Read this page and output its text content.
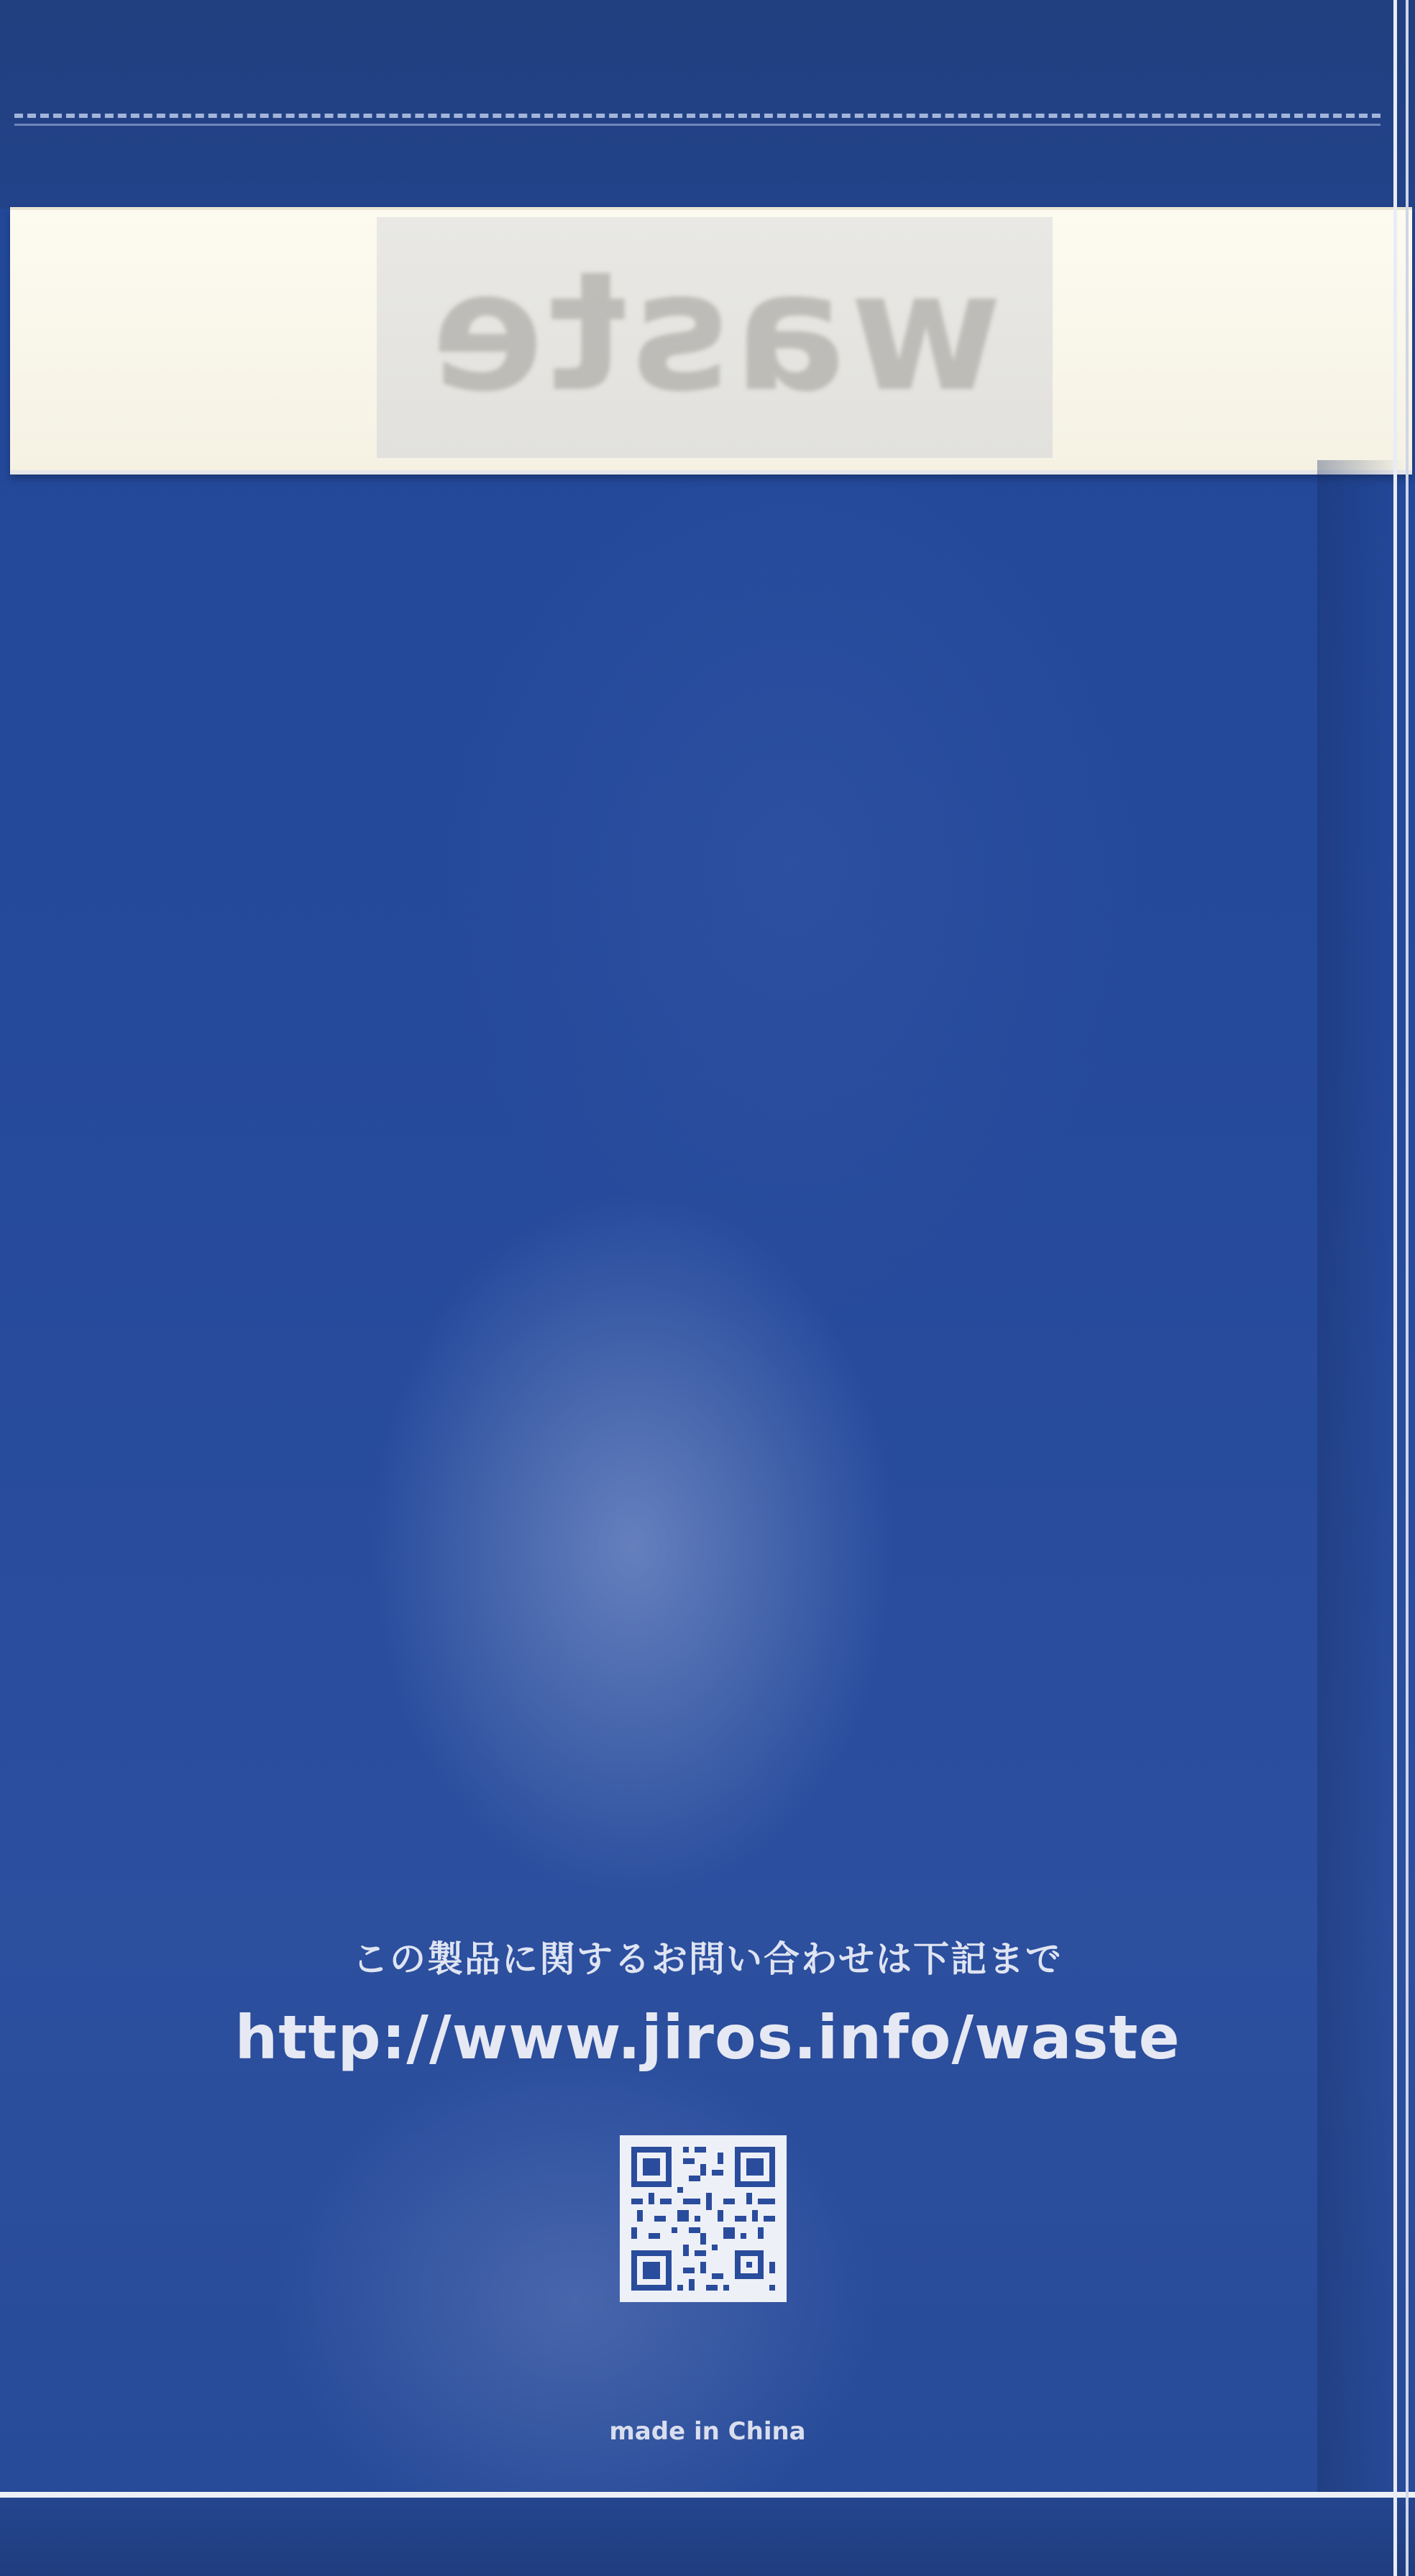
waste
この製品に関するお問い合わせは下記まで
http://www.jiros.info/waste
made in China
